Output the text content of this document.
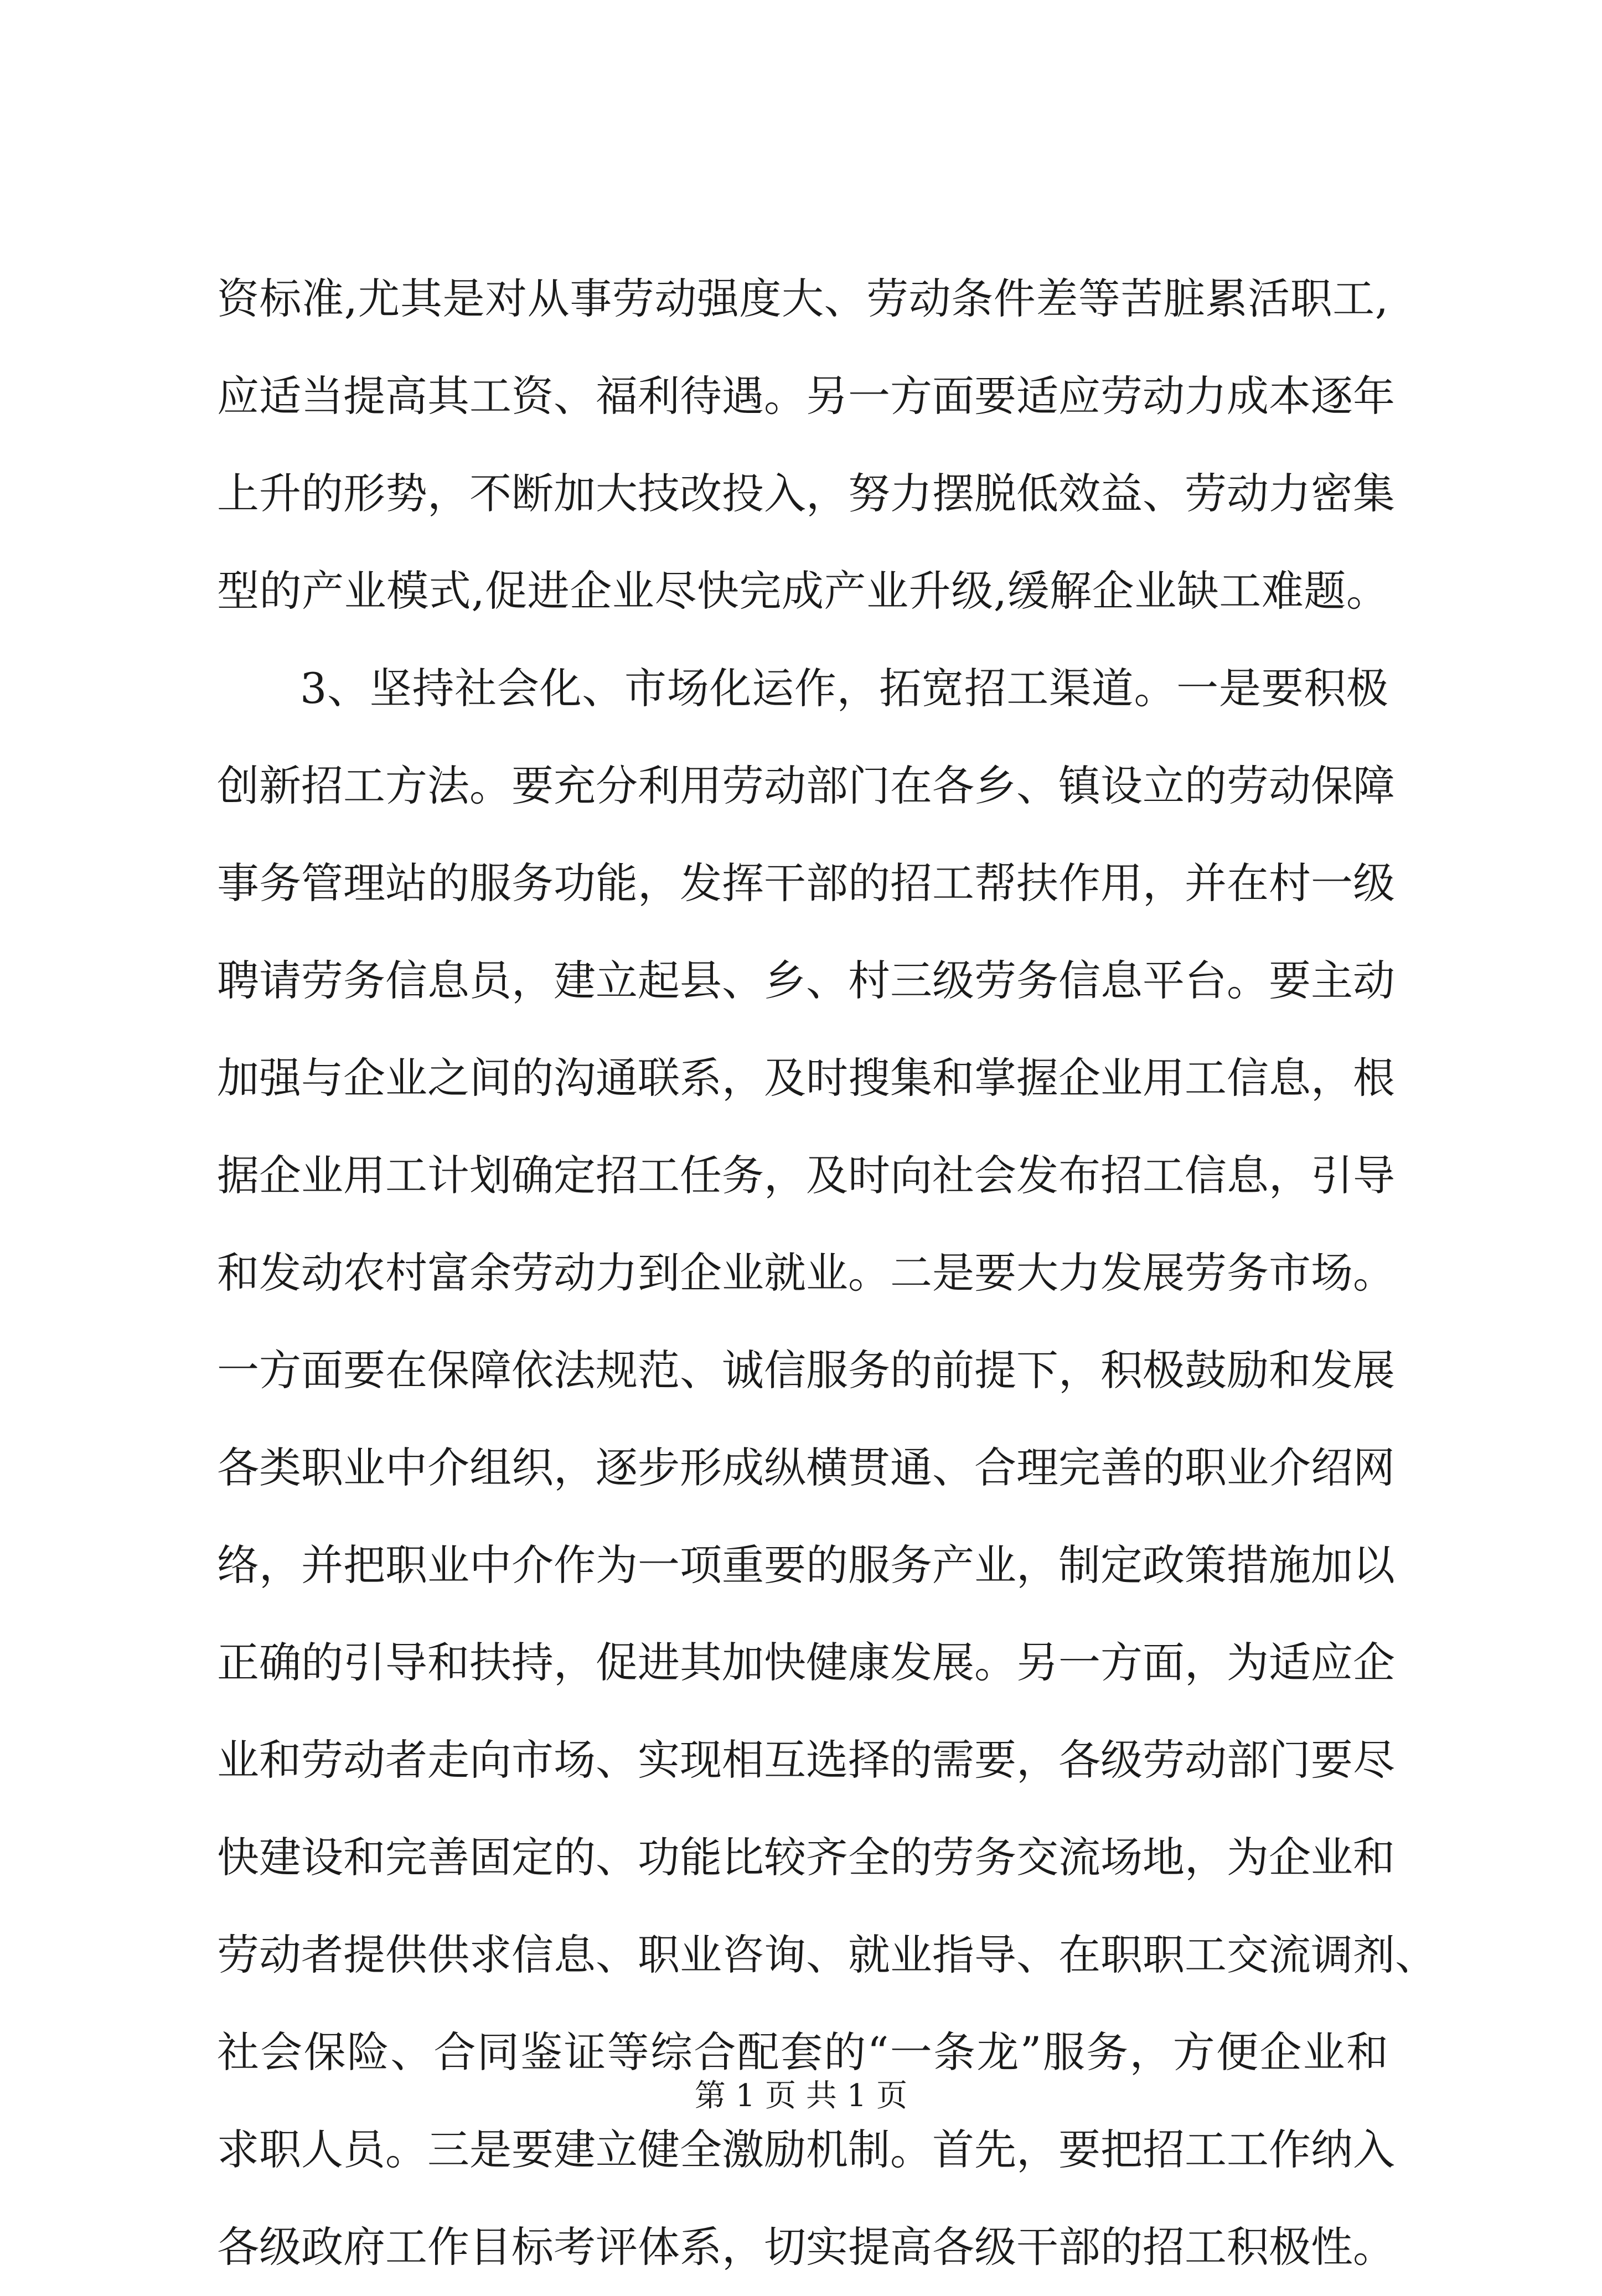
资标准,尤其是对从事劳动强度大、劳动条件差等苦脏累活职工,
应适当提高其工资、福利待遇。另一方面要适应劳动力成本逐年
上升的形势，不断加大技改投入，努力摆脱低效益、劳动力密集
型的产业模式,促进企业尽快完成产业升级,缓解企业缺工难题。
3、坚持社会化、市场化运作，拓宽招工渠道。一是要积极
创新招工方法。要充分利用劳动部门在各乡、镇设立的劳动保障
事务管理站的服务功能，发挥干部的招工帮扶作用，并在村一级
聘请劳务信息员，建立起县、乡、村三级劳务信息平台。要主动
加强与企业之间的沟通联系，及时搜集和掌握企业用工信息，根
据企业用工计划确定招工任务，及时向社会发布招工信息，引导
和发动农村富余劳动力到企业就业。二是要大力发展劳务市场。
一方面要在保障依法规范、诚信服务的前提下，积极鼓励和发展
各类职业中介组织，逐步形成纵横贯通、合理完善的职业介绍网
络，并把职业中介作为一项重要的服务产业，制定政策措施加以
正确的引导和扶持，促进其加快健康发展。另一方面，为适应企
业和劳动者走向市场、实现相互选择的需要，各级劳动部门要尽
快建设和完善固定的、功能比较齐全的劳务交流场地，为企业和
劳动者提供供求信息、职业咨询、就业指导、在职职工交流调剂、
社会保险、合同鉴证等综合配套的“一条龙”服务，方便企业和
求职人员。三是要建立健全激励机制。首先，要把招工工作纳入
各级政府工作目标考评体系，切实提高各级干部的招工积极性。
第 1 页 共 1 页
